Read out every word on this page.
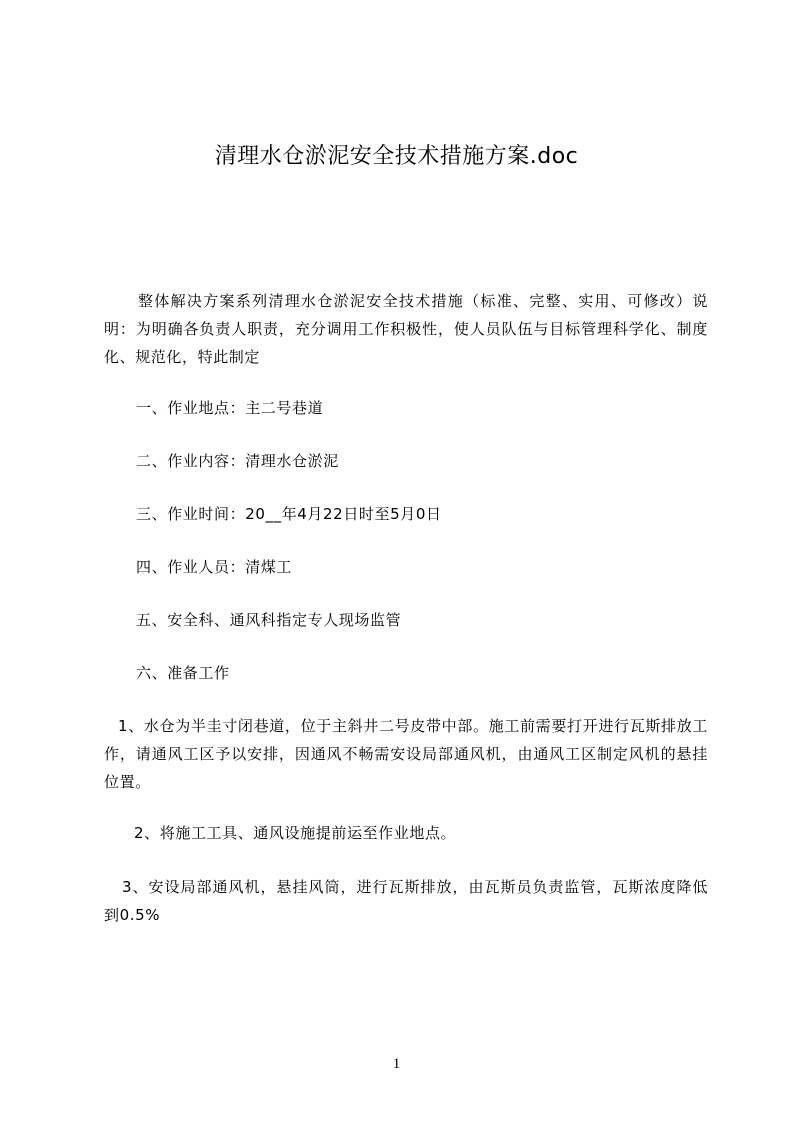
清理水仓淤泥安全技术措施方案.doc
整体解决方案系列清理水仓淤泥安全技术措施（标准、完整、实用、可修改）说明：为明确各负责人职责，充分调用工作积极性，使人员队伍与目标管理科学化、制度化、规范化，特此制定
一、作业地点：主二号巷道
二、作业内容：清理水仓淤泥
三、作业时间：20__年4月22日时至5月0日
四、作业人员：清煤工
五、安全科、通风科指定专人现场监管
六、准备工作
1、水仓为半圭寸闭巷道，位于主斜井二号皮带中部。施工前需要打开进行瓦斯排放工作，请通风工区予以安排，因通风不畅需安设局部通风机，由通风工区制定风机的悬挂位置。
2、将施工工具、通风设施提前运至作业地点。
3、安设局部通风机，悬挂风筒，进行瓦斯排放，由瓦斯员负责监管，瓦斯浓度降低到0.5%
1
